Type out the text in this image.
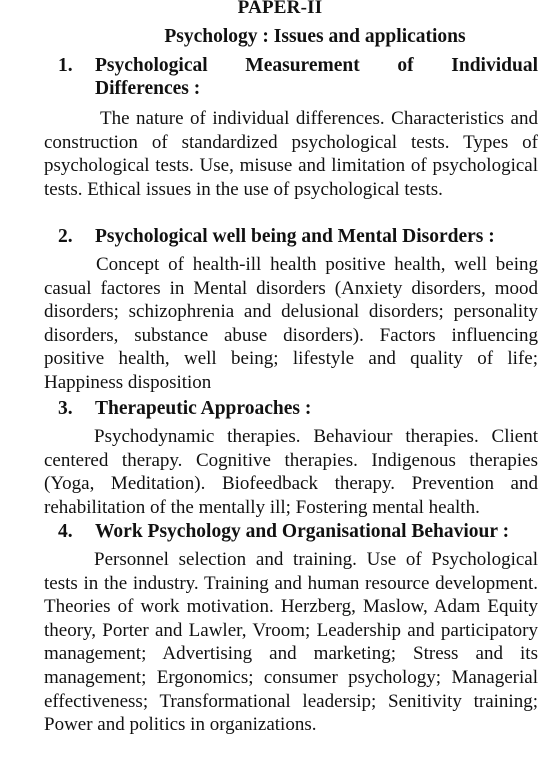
PAPER-II
Psychology : Issues and applications
1.	Psychological Measurement of Individual Differences :
The nature of individual differences. Characteristics and construction of standardized psychological tests. Types of psychological tests. Use, misuse and limitation of psychological tests. Ethical issues in the use of psychological tests.
2.	Psychological well being and Mental Disorders :
Concept of health-ill health positive health, well being casual factores in Mental disorders (Anxiety disorders, mood disorders; schizophrenia and delusional disorders; personality disorders, substance abuse disorders). Factors influencing positive health, well being; lifestyle and quality of life; Happiness disposition
3.	Therapeutic Approaches :
Psychodynamic therapies. Behaviour therapies. Client centered therapy. Cognitive therapies. Indigenous therapies (Yoga, Meditation). Biofeedback therapy. Prevention and rehabilitation of the mentally ill; Fostering mental health.
4.	Work Psychology and Organisational Behaviour :
Personnel selection and training. Use of Psychological tests in the industry. Training and human resource development. Theories of work motivation. Herzberg, Maslow, Adam Equity theory, Porter and Lawler, Vroom; Leadership and participatory management; Advertising and marketing; Stress and its management; Ergonomics; consumer psychology; Managerial effectiveness; Transformational leadersip; Senitivity training; Power and politics in organizations.
